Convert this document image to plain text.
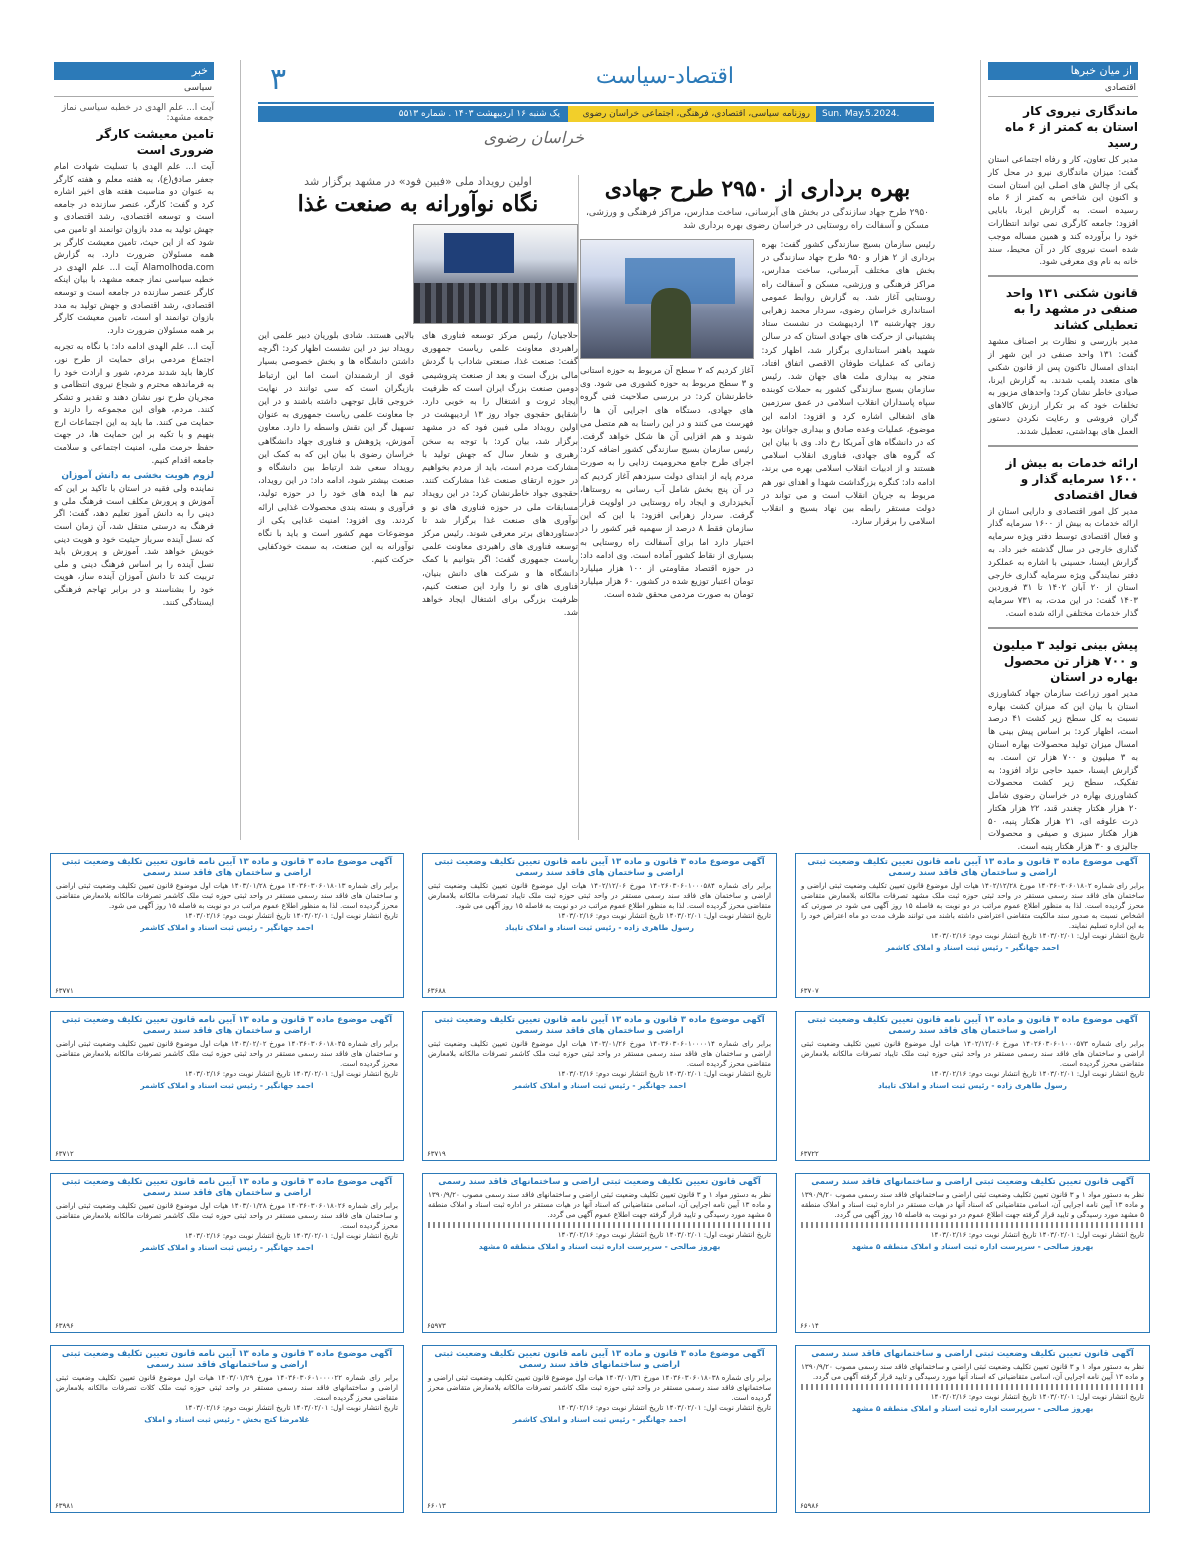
اقتصاد-سیاست
۳
Sun. May.5.2024. No.5513
روزنامه سیاسی، اقتصادی، فرهنگی، اجتماعی خراسان رضوی
یک شنبه ۱۶ اردیبهشت ۱۴۰۳ . شماره ۵۵۱۳
خراسان رضوی
از میان خبرها
اقتصادی
ماندگاری نیروی کار استان به کمتر از ۶ ماه رسید

مدیر کل تعاون، کار و رفاه اجتماعی استان گفت: میزان ماندگاری نیرو در محل کار یکی از چالش های اصلی این استان است و اکنون این شاخص به کمتر از ۶ ماه رسیده است. به گزارش ایرنا، بابایی افزود: جامعه کارگری نمی تواند انتظارات خود را برآورده کند و همین مساله موجب شده است نیروی کار در آن محیط، سند خانه به نام وی معرفی شود.

قانون شکنی ۱۳۱ واحد صنفی در مشهد را به تعطیلی کشاند

مدیر بازرسی و نظارت بر اصناف مشهد گفت: ۱۳۱ واحد صنفی در این شهر از ابتدای امسال تاکنون پس از قانون شکنی های متعدد پلمب شدند. به گزارش ایرنا، صیادی خاطر نشان کرد: واحدهای مزبور به تخلفات خود که بر تکرار ارزش کالاهای گران فروشی و رعایت نکردن دستور العمل های بهداشتی، تعطیل شدند.

ارائه خدمات به بیش از ۱۶۰۰ سرمایه گذار و فعال اقتصادی

مدیر کل امور اقتصادی و دارایی استان از ارائه خدمات به بیش از ۱۶۰۰ سرمایه گذار و فعال اقتصادی توسط دفتر ویژه سرمایه گذاری خارجی در سال گذشته خبر داد. به گزارش ایسنا، حسینی با اشاره به عملکرد دفتر نمایندگی ویژه سرمایه گذاری خارجی استان از ۲۰ آبان ۱۴۰۲ تا ۳۱ فروردین ۱۴۰۳ گفت: در این مدت، به ۷۳۱ سرمایه گذار خدمات مختلفی ارائه شده است.

پیش بینی تولید ۳ میلیون و ۷۰۰ هزار تن محصول بهاره در استان

مدیر امور زراعت سازمان جهاد کشاورزی استان با بیان این که میزان کشت بهاره نسبت به کل سطح زیر کشت ۴۱ درصد است، اظهار کرد: بر اساس پیش بینی ها امسال میزان تولید محصولات بهاره استان به ۳ میلیون و ۷۰۰ هزار تن است. به گزارش ایسنا، حمید حاجی نژاد افزود: به تفکیک، سطح زیر کشت محصولات کشاورزی بهاره در خراسان رضوی شامل ۲۰ هزار هکتار چغندر قند، ۲۲ هزار هکتار ذرت علوفه ای، ۲۱ هزار هکتار پنبه، ۵۰ هزار هکتار سبزی و صیفی و محصولات جالیزی و ۳۰ هزار هکتار پنبه است.

بهره برداری از ۲۹۵۰ طرح جهادی
۲۹۵۰ طرح جهاد سازندگی در بخش های آبرسانی، ساخت مدارس، مراکز فرهنگی و ورزشی، مسکن و آسفالت راه روستایی در خراسان رضوی بهره برداری شد

رئیس سازمان بسیج سازندگی کشور گفت: بهره برداری از ۲ هزار و ۹۵۰ طرح جهاد سازندگی در بخش های مختلف آبرسانی، ساخت مدارس، مراکز فرهنگی و ورزشی، مسکن و آسفالت راه روستایی آغاز شد. به گزارش روابط عمومی استانداری خراسان رضوی، سردار محمد زهرابی روز چهارشنبه ۱۳ اردیبهشت در نشست ستاد پشتیبانی از حرکت های جهادی استان که در سالن شهید باهنر استانداری برگزار شد، اظهار کرد: زمانی که عملیات طوفان الاقصی اتفاق افتاد، منجر به بیداری ملت های جهان شد. رئیس سازمان بسیج سازندگی کشور به حملات کوبنده سپاه پاسداران انقلاب اسلامی در عمق سرزمین های اشغالی اشاره کرد و افزود: ادامه این موضوع، عملیات وعده صادق و بیداری جوانان بود که در دانشگاه های آمریکا رخ داد. وی با بیان این که گروه های جهادی، فناوری انقلاب اسلامی هستند و از ادبیات انقلاب اسلامی بهره می برند، ادامه داد: کنگره بزرگداشت شهدا و اهدای نور هم مربوط به جریان انقلاب است و می تواند در دولت مستقر رابطه بین نهاد بسیج و انقلاب اسلامی را برقرار سازد.

آغاز کردیم که ۲ سطح آن مربوط به حوزه استانی و ۳ سطح مربوط به حوزه کشوری می شود. وی خاطرنشان کرد: در بررسی صلاحیت فنی گروه های جهادی، دستگاه های اجرایی آن ها را فهرست می کنند و در این راستا به هم متصل می شوند و هم افزایی آن ها شکل خواهد گرفت. رئیس سازمان بسیج سازندگی کشور اضافه کرد: اجرای طرح جامع محرومیت زدایی را به صورت مردم پایه از ابتدای دولت سیزدهم آغاز کردیم که در آن پنج بخش شامل آب رسانی به روستاها، آبخیزداری و ایجاد راه روستایی در اولویت قرار گرفت. سردار زهرابی افزود: با این که این سازمان فقط ۸ درصد از سهمیه قیر کشور را در اختیار دارد اما برای آسفالت راه روستایی به بسیاری از نقاط کشور آماده است. وی ادامه داد: در حوزه اقتصاد مقاومتی از ۱۰۰ هزار میلیارد تومان اعتبار توزیع شده در کشور، ۶۰ هزار میلیارد تومان به صورت مردمی محقق شده است.

اولین رویداد ملی «فبین فود» در مشهد برگزار شد
نگاه نوآورانه به صنعت غذا

حلاجیان/ رئیس مرکز توسعه فناوری های راهبردی معاونت علمی ریاست جمهوری گفت: صنعت غذا، صنعتی شاداب با گردش مالی بزرگ است و بعد از صنعت پتروشیمی دومین صنعت بزرگ ایران است که ظرفیت ایجاد ثروت و اشتغال را به خوبی دارد. شقایق حقجوی جواد روز ۱۳ اردیبهشت در اولین رویداد ملی فبین فود که در مشهد برگزار شد، بیان کرد: با توجه به سخن رهبری و شعار سال که جهش تولید با مشارکت مردم است، باید از مردم بخواهیم در حوزه ارتقای صنعت غذا مشارکت کنند. حقجوی جواد خاطرنشان کرد: در این رویداد مسابقات ملی در حوزه فناوری های نو و نوآوری های صنعت غذا برگزار شد تا دستاوردهای برتر معرفی شوند. رئیس مرکز توسعه فناوری های راهبردی معاونت علمی ریاست جمهوری گفت: اگر بتوانیم با کمک دانشگاه ها و شرکت های دانش بنیان، فناوری های نو را وارد این صنعت کنیم، ظرفیت بزرگی برای اشتغال ایجاد خواهد شد.

بالایی هستند. شادی بلوریان دبیر علمی این رویداد نیز در این نشست اظهار کرد: اگرچه داشتن دانشگاه ها و بخش خصوصی بسیار قوی از ارشمندان است اما این ارتباط بازیگران است که سی توانند در نهایت خروجی قابل توجهی داشته باشند و در این جا معاونت علمی ریاست جمهوری به عنوان تسهیل گر این نقش واسطه را دارد. معاون آموزش، پژوهش و فناوری جهاد دانشگاهی خراسان رضوی با بیان این که به کمک این رویداد سعی شد ارتباط بین دانشگاه و صنعت بیشتر شود، ادامه داد: در این رویداد، تیم ها ایده های خود را در حوزه تولید، فرآوری و بسته بندی محصولات غذایی ارائه کردند. وی افزود: امنیت غذایی یکی از موضوعات مهم کشور است و باید با نگاه نوآورانه به این صنعت، به سمت خودکفایی حرکت کنیم.

خبر
سیاسی
آیت ا... علم الهدی در خطبه سیاسی نماز جمعه مشهد:
تامین معیشت کارگر ضروری است

آیت ا... علم الهدی با تسلیت شهادت امام جعفر صادق(ع)، به هفته معلم و هفته کارگر به عنوان دو مناسبت هفته های اخیر اشاره کرد و گفت: کارگر، عنصر سازنده در جامعه است و توسعه اقتصادی، رشد اقتصادی و جهش تولید به مدد بازوان توانمند او تامین می شود که از این حیث، تامین معیشت کارگر بر همه مسئولان ضرورت دارد. به گزارش Alamolhoda.com آیت ا... علم الهدی در خطبه سیاسی نماز جمعه مشهد، با بیان اینکه کارگر عنصر سازنده در جامعه است و توسعه اقتصادی، رشد اقتصادی و جهش تولید به مدد بازوان توانمند او است، تامین معیشت کارگر بر همه مسئولان ضرورت دارد.

آیت ا... علم الهدی ادامه داد: با نگاه به تجربه اجتماع مردمی برای حمایت از طرح نور، کارها باید شدند مردم، شور و ارادت خود را به فرماندهه محترم و شجاع نیروی انتظامی و مجریان طرح نور نشان دهند و تقدیر و تشکر کنند. مردم، هوای این مجموعه را دارند و حمایت می کنند. ما باید به این اجتماعات ارج بنهیم و با تکیه بر این حمایت ها، در جهت حفظ حرمت ملی، امنیت اجتماعی و سلامت جامعه اقدام کنیم.

لزوم هویت بخشی به دانش آموزان

نماینده ولی فقیه در استان با تاکید بر این که آموزش و پرورش مکلف است فرهنگ ملی و دینی را به دانش آموز تعلیم دهد، گفت: اگر فرهنگ به درستی منتقل شد، آن زمان است که نسل آینده سرباز حیثیت خود و هویت دینی خویش خواهد شد. آموزش و پرورش باید نسل آینده را بر اساس فرهنگ دینی و ملی تربیت کند تا دانش آموزان آینده ساز، هویت خود را بشناسند و در برابر تهاجم فرهنگی ایستادگی کنند.

آگهی موضوع ماده ۳ قانون و ماده ۱۳ آیین نامه قانون تعیین تکلیف وضعیت ثبتی اراضی و ساختمان های فاقد سند رسمی
برابر رای شماره ۱۴۰۳۶۰۳۰۶۰۱۸۰۲ مورخ ۱۴۰۲/۱۲/۲۸ هیات اول موضوع قانون تعیین تکلیف وضعیت ثبتی اراضی و ساختمان های فاقد سند رسمی مستقر در واحد ثبتی حوزه ثبت ملک مشهد تصرفات مالکانه بلامعارض متقاضی محرز گردیده است. لذا به منظور اطلاع عموم مراتب در دو نوبت به فاصله ۱۵ روز آگهی می شود در صورتی که اشخاص نسبت به صدور سند مالکیت متقاضی اعتراضی داشته باشند می توانند ظرف مدت دو ماه اعتراض خود را به این اداره تسلیم نمایند.
تاریخ انتشار نوبت اول: ۱۴۰۳/۰۲/۰۱ تاریخ انتشار نوبت دوم: ۱۴۰۳/۰۲/۱۶
احمد جهانگیر - رئیس ثبت اسناد و املاک کاشمر
۶۳۷۰۷
آگهی موضوع ماده ۳ قانون و ماده ۱۳ آیین نامه قانون تعیین تکلیف وضعیت ثبتی اراضی و ساختمان های فاقد سند رسمی
برابر رای شماره ۱۴۰۲۶۰۳۰۶۰۱۰۰۰۵۸۴ مورخ ۱۴۰۲/۱۲/۰۶ هیات اول موضوع قانون تعیین تکلیف وضعیت ثبتی اراضی و ساختمان های فاقد سند رسمی مستقر در واحد ثبتی حوزه ثبت ملک تایباد تصرفات مالکانه بلامعارض متقاضی محرز گردیده است. لذا به منظور اطلاع عموم مراتب در دو نوبت به فاصله ۱۵ روز آگهی می شود.
تاریخ انتشار نوبت اول: ۱۴۰۳/۰۲/۰۱ تاریخ انتشار نوبت دوم: ۱۴۰۳/۰۲/۱۶
رسول طاهری زاده - رئیس ثبت اسناد و املاک تایباد
۶۳۶۸۸
آگهی موضوع ماده ۳ قانون و ماده ۱۳ آیین نامه قانون تعیین تکلیف وضعیت ثبتی اراضی و ساختمان های فاقد سند رسمی
برابر رای شماره ۱۴۰۳۶۰۳۰۶۰۱۸۰۱۳ مورخ ۱۴۰۳/۰۱/۲۸ هیات اول موضوع قانون تعیین تکلیف وضعیت ثبتی اراضی و ساختمان های فاقد سند رسمی مستقر در واحد ثبتی حوزه ثبت ملک کاشمر تصرفات مالکانه بلامعارض متقاضی محرز گردیده است. لذا به منظور اطلاع عموم مراتب در دو نوبت به فاصله ۱۵ روز آگهی می شود.
تاریخ انتشار نوبت اول: ۱۴۰۳/۰۲/۰۱ تاریخ انتشار نوبت دوم: ۱۴۰۳/۰۲/۱۶
احمد جهانگیر - رئیس ثبت اسناد و املاک کاشمر
۶۳۷۷۱
آگهی موضوع ماده ۳ قانون و ماده ۱۳ آیین نامه قانون تعیین تکلیف وضعیت ثبتی اراضی و ساختمان های فاقد سند رسمی
برابر رای شماره ۱۴۰۲۶۰۳۰۶۰۱۰۰۰۵۷۳ مورخ ۱۴۰۲/۱۲/۰۶ هیات اول موضوع قانون تعیین تکلیف وضعیت ثبتی اراضی و ساختمان های فاقد سند رسمی مستقر در واحد ثبتی حوزه ثبت ملک تایباد تصرفات مالکانه بلامعارض متقاضی محرز گردیده است.
تاریخ انتشار نوبت اول: ۱۴۰۳/۰۲/۰۱ تاریخ انتشار نوبت دوم: ۱۴۰۳/۰۲/۱۶
رسول طاهری زاده - رئیس ثبت اسناد و املاک تایباد
۶۳۷۲۲
آگهی موضوع ماده ۳ قانون و ماده ۱۳ آیین نامه قانون تعیین تکلیف وضعیت ثبتی اراضی و ساختمان های فاقد سند رسمی
برابر رای شماره ۱۴۰۳۶۰۳۰۶۰۱۰۰۰۰۱۴ مورخ ۱۴۰۳/۰۱/۲۶ هیات اول موضوع قانون تعیین تکلیف وضعیت ثبتی اراضی و ساختمان های فاقد سند رسمی مستقر در واحد ثبتی حوزه ثبت ملک کاشمر تصرفات مالکانه بلامعارض متقاضی محرز گردیده است.
تاریخ انتشار نوبت اول: ۱۴۰۳/۰۲/۰۱ تاریخ انتشار نوبت دوم: ۱۴۰۳/۰۲/۱۶
احمد جهانگیر - رئیس ثبت اسناد و املاک کاشمر
۶۳۷۱۹
آگهی موضوع ماده ۳ قانون و ماده ۱۳ آیین نامه قانون تعیین تکلیف وضعیت ثبتی اراضی و ساختمان های فاقد سند رسمی
برابر رای شماره ۱۴۰۳۶۰۳۰۶۰۱۸۰۴۵ مورخ ۱۴۰۳/۰۲/۰۲ هیات اول موضوع قانون تعیین تکلیف وضعیت ثبتی اراضی و ساختمان های فاقد سند رسمی مستقر در واحد ثبتی حوزه ثبت ملک کاشمر تصرفات مالکانه بلامعارض متقاضی محرز گردیده است.
تاریخ انتشار نوبت اول: ۱۴۰۳/۰۲/۰۱ تاریخ انتشار نوبت دوم: ۱۴۰۳/۰۲/۱۶
احمد جهانگیر - رئیس ثبت اسناد و املاک کاشمر
۶۳۷۱۲
آگهی قانون تعیین تکلیف وضعیت ثبتی اراضی و ساختمانهای فاقد سند رسمی
نظر به دستور مواد ۱ و ۳ قانون تعیین تکلیف وضعیت ثبتی اراضی و ساختمانهای فاقد سند رسمی مصوب ۱۳۹۰/۹/۲۰ و ماده ۱۳ آیین نامه اجرایی آن، اسامی متقاضیانی که اسناد آنها در هیات مستقر در اداره ثبت اسناد و املاک منطقه ۵ مشهد مورد رسیدگی و تایید قرار گرفته جهت اطلاع عموم در دو نوبت به فاصله ۱۵ روز آگهی می گردد.
تاریخ انتشار نوبت اول: ۱۴۰۳/۰۲/۰۱ تاریخ انتشار نوبت دوم: ۱۴۰۳/۰۲/۱۶
بهروز صالحی - سرپرست اداره ثبت اسناد و املاک منطقه ۵ مشهد
۶۶۰۱۴
آگهی قانون تعیین تکلیف وضعیت ثبتی اراضی و ساختمانهای فاقد سند رسمی
نظر به دستور مواد ۱ و ۳ قانون تعیین تکلیف وضعیت ثبتی اراضی و ساختمانهای فاقد سند رسمی مصوب ۱۳۹۰/۹/۲۰ و ماده ۱۳ آیین نامه اجرایی آن، اسامی متقاضیانی که اسناد آنها در هیات مستقر در اداره ثبت اسناد و املاک منطقه ۵ مشهد مورد رسیدگی و تایید قرار گرفته جهت اطلاع عموم آگهی می گردد.
تاریخ انتشار نوبت اول: ۱۴۰۳/۰۲/۰۱ تاریخ انتشار نوبت دوم: ۱۴۰۳/۰۲/۱۶
بهروز صالحی - سرپرست اداره ثبت اسناد و املاک منطقه ۵ مشهد
۶۵۹۷۳
آگهی موضوع ماده ۳ قانون و ماده ۱۳ آیین نامه قانون تعیین تکلیف وضعیت ثبتی اراضی و ساختمان های فاقد سند رسمی
برابر رای شماره ۱۴۰۳۶۰۳۰۶۰۱۸۰۲۶ مورخ ۱۴۰۳/۰۱/۲۸ هیات اول موضوع قانون تعیین تکلیف وضعیت ثبتی اراضی و ساختمان های فاقد سند رسمی مستقر در واحد ثبتی حوزه ثبت ملک کاشمر تصرفات مالکانه بلامعارض متقاضی محرز گردیده است.
تاریخ انتشار نوبت اول: ۱۴۰۳/۰۲/۰۱ تاریخ انتشار نوبت دوم: ۱۴۰۳/۰۲/۱۶
احمد جهانگیر - رئیس ثبت اسناد و املاک کاشمر
۶۳۸۹۶
آگهی قانون تعیین تکلیف وضعیت ثبتی اراضی و ساختمانهای فاقد سند رسمی
نظر به دستور مواد ۱ و ۳ قانون تعیین تکلیف وضعیت ثبتی اراضی و ساختمانهای فاقد سند رسمی مصوب ۱۳۹۰/۹/۲۰ و ماده ۱۳ آیین نامه اجرایی آن، اسامی متقاضیانی که اسناد آنها مورد رسیدگی و تایید قرار گرفته آگهی می گردد.
تاریخ انتشار نوبت اول: ۱۴۰۳/۰۲/۰۱ تاریخ انتشار نوبت دوم: ۱۴۰۳/۰۲/۱۶
بهروز صالحی - سرپرست اداره ثبت اسناد و املاک منطقه ۵ مشهد
۶۵۹۸۶
آگهی موضوع ماده ۳ قانون و ماده ۱۳ آیین نامه قانون تعیین تکلیف وضعیت ثبتی اراضی و ساختمانهای فاقد سند رسمی
برابر رای شماره ۱۴۰۳۶۰۳۰۶۰۱۸۰۳۸ مورخ ۱۴۰۳/۰۱/۳۱ هیات اول موضوع قانون تعیین تکلیف وضعیت ثبتی اراضی و ساختمانهای فاقد سند رسمی مستقر در واحد ثبتی حوزه ثبت ملک کاشمر تصرفات مالکانه بلامعارض متقاضی محرز گردیده است.
تاریخ انتشار نوبت اول: ۱۴۰۳/۰۲/۰۱ تاریخ انتشار نوبت دوم: ۱۴۰۳/۰۲/۱۶
احمد جهانگیر - رئیس ثبت اسناد و املاک کاشمر
۶۶۰۱۳
آگهی موضوع ماده ۳ قانون و ماده ۱۳ آیین نامه قانون تعیین تکلیف وضعیت ثبتی اراضی و ساختمانهای فاقد سند رسمی
برابر رای شماره ۱۴۰۳۶۰۳۰۶۰۱۰۰۰۰۲۲ مورخ ۱۴۰۳/۰۱/۲۹ هیات اول موضوع قانون تعیین تکلیف وضعیت ثبتی اراضی و ساختمانهای فاقد سند رسمی مستقر در واحد ثبتی حوزه ثبت ملک کلات تصرفات مالکانه بلامعارض متقاضی محرز گردیده است.
تاریخ انتشار نوبت اول: ۱۴۰۳/۰۲/۰۱ تاریخ انتشار نوبت دوم: ۱۴۰۳/۰۲/۱۶
غلامرضا کنج بخش - رئیس ثبت اسناد و املاک
۶۳۹۸۱
